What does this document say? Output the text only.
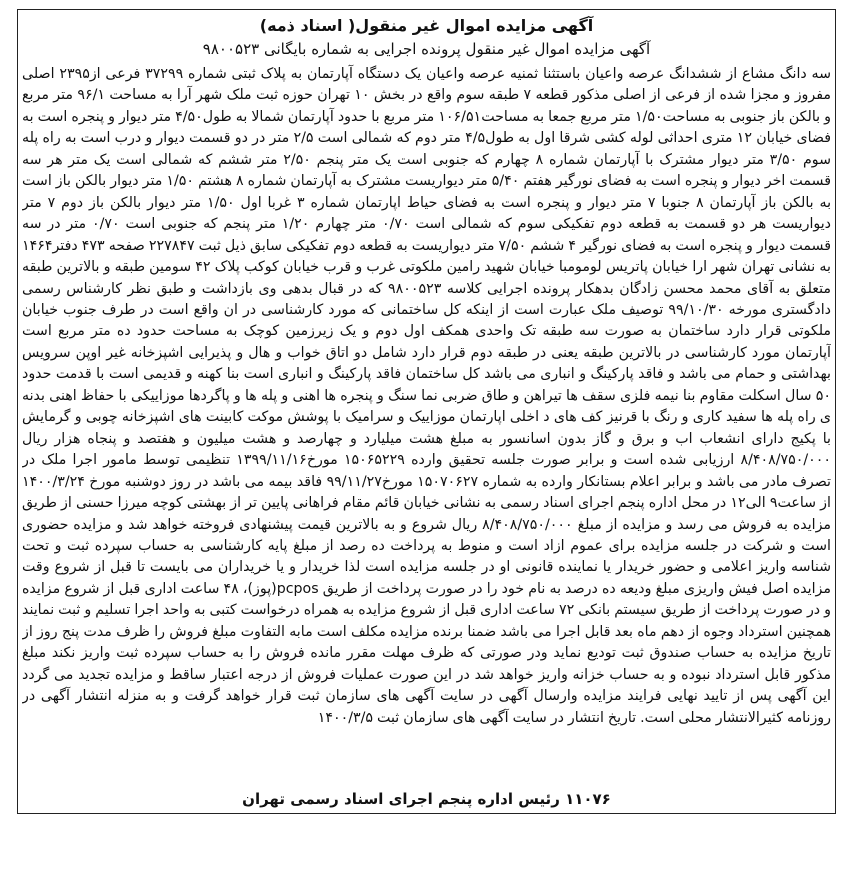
آگهی مزایده اموال غیر منقول( اسناد ذمه)
آگهی مزایده اموال غیر منقول پرونده اجرایی به شماره بایگانی ۹۸۰۰۵۲۳
سه دانگ مشاع از ششدانگ عرصه واعیان باستثنا ثمنیه عرصه واعیان یک دستگاه آپارتمان به پلاک ثبتی شماره ۳۷۲۹۹ فرعی از۲۳۹۵ اصلی مفروز و مجزا شده از فرعی از اصلی مذکور قطعه ۷ طبقه سوم واقع در بخش ۱۰ تهران حوزه ثبت ملک شهر آرا به مساحت ۹۶/۱ متر مربع و بالکن باز جنوبی به مساحت۱/۵۰ متر مربع جمعا به مساحت۱۰۶/۵۱ متر مربع با حدود آپارتمان شمالا به طول۴/۵۰ متر دیوار و پنجره است به فضای خیابان ۱۲ متری احداثی لوله کشی شرقا اول به طول۴/۵ متر دوم که شمالی است ۲/۵ متر در دو قسمت دیوار و درب است به راه پله سوم ۳/۵۰ متر دیوار مشترک با آپارتمان شماره ۸ چهارم که جنوبی است یک متر پنجم ۲/۵۰ متر ششم که شمالی است یک متر هر سه قسمت اخر دیوار و پنجره است به فضای نورگیر هفتم ۵/۴۰ متر دیواریست مشترک به آپارتمان شماره ۸ هشتم ۱/۵۰ متر دیوار بالکن باز است به بالکن باز آپارتمان ۸ جنوبا ۷ متر دیوار و پنجره است به فضای حیاط اپارتمان شماره ۳ غربا اول ۱/۵۰ متر دیوار بالکن باز دوم ۷ متر دیواریست هر دو قسمت به قطعه دوم تفکیکی سوم که شمالی است ۰/۷۰ متر چهارم ۱/۲۰ متر پنجم که جنوبی است ۰/۷۰ متر در سه قسمت دیوار و پنجره است به فضای نورگیر ۴ ششم ۷/۵۰ متر دیواریست به قطعه دوم تفکیکی سابق ذیل ثبت ۲۲۷۸۴۷ صفحه ۴۷۳ دفتر۱۴۶۴ به نشانی تهران شهر ارا خیابان پاتریس لومومبا خیابان شهید رامین ملکوتی غرب و قرب خیابان کوکب پلاک ۴۲ سومین طبقه و بالاترین طبقه متعلق به آقای محمد محسن زادگان بدهکار پرونده اجرایی کلاسه ۹۸۰۰۵۲۳ که در قبال بدهی وی بازداشت و طبق نظر کارشناس رسمی دادگستری مورخه ۹۹/۱۰/۳۰ توصیف ملک عبارت است از اینکه کل ساختمانی که مورد کارشناسی در ان واقع است در طرف جنوب خیابان ملکوتی قرار دارد ساختمان به صورت سه طبقه تک واحدی همکف اول دوم و یک زیرزمین کوچک به مساحت حدود ده متر مربع است آپارتمان مورد کارشناسی در بالاترین طبقه یعنی در طبقه دوم قرار دارد شامل دو اتاق خواب و هال و پذیرایی اشپزخانه غیر اوپن سرویس بهداشتی و حمام می باشد و فاقد پارکینگ و انباری می باشد کل ساختمان فاقد پارکینگ و انباری است بنا کهنه و قدیمی است با قدمت حدود ۵۰ سال اسکلت مقاوم بنا نیمه فلزی سقف ها تیراهن و طاق ضربی نما سنگ و پنجره ها اهنی و پله ها و پاگردها موزاییکی با حفاظ اهنی بدنه ی راه پله ها سفید کاری و رنگ با قرنیز کف های د اخلی اپارتمان موزاییک و سرامیک با پوشش موکت کابینت های اشپزخانه چوبی و گرمایش با پکیج دارای انشعاب اب و برق و گاز بدون اسانسور به مبلغ هشت میلیارد و چهارصد و هشت میلیون و هفتصد و پنجاه هزار ریال ۸/۴۰۸/۷۵۰/۰۰۰ ارزیابی شده است و برابر صورت جلسه تحقیق وارده ۱۵۰۶۵۲۲۹ مورخ۱۳۹۹/۱۱/۱۶ تنظیمی توسط مامور اجرا ملک در تصرف مادر می باشد و برابر اعلام بستانکار وارده به شماره ۱۵۰۷۰۶۲۷ مورخ۹۹/۱۱/۲۷ فاقد بیمه می باشد در روز دوشنبه مورخ ۱۴۰۰/۳/۲۴ از ساعت۹ الی۱۲ در محل اداره پنجم اجرای اسناد رسمی به نشانی خیابان قائم مقام فراهانی پایین تر از بهشتی کوچه میرزا حسنی از طریق مزایده به فروش می رسد و مزایده از مبلغ ۸/۴۰۸/۷۵۰/۰۰۰ ریال شروع و به بالاترین قیمت پیشنهادی فروخته خواهد شد و مزایده حضوری است و شرکت در جلسه مزایده برای عموم ازاد است و منوط به پرداخت ده رصد از مبلغ پایه کارشناسی به حساب سپرده ثبت و تحت شناسه واریز اعلامی و حضور خریدار یا نماینده قانونی او در جلسه مزایده است لذا خریدار و یا خریداران می بایست تا قبل از شروع وقت مزایده اصل فیش واریزی مبلغ ودیعه ده درصد به نام خود را در صورت پرداخت از طریق pcpos(پوز)، ۴۸ ساعت اداری قبل از شروع مزایده و در صورت پرداخت از طریق سیستم بانکی ۷۲ ساعت اداری قبل از شروع مزایده به همراه درخواست کتبی به واحد اجرا تسلیم و ثبت نمایند همچنین استرداد وجوه از دهم ماه بعد قابل اجرا می باشد ضمنا برنده مزایده مکلف است مابه التفاوت مبلغ فروش را ظرف مدت پنج روز از تاریخ مزایده به حساب صندوق ثبت تودیع نماید ودر صورتی که ظرف مهلت مقرر مانده فروش را به حساب سپرده ثبت واریز نکند مبلغ مذکور قابل استرداد نبوده و به حساب خزانه واریز خواهد شد در این صورت عملیات فروش از درجه اعتبار ساقط و مزایده تجدید می گردد این آگهی پس از تایید نهایی فرایند مزایده وارسال آگهی در سایت آگهی های سازمان ثبت قرار خواهد گرفت و به منزله انتشار آگهی در روزنامه کثیرالانتشار محلی است. تاریخ انتشار در سایت آگهی های سازمان ثبت ۱۴۰۰/۳/۵
۱۱۰۷۶ رئیس اداره پنجم اجرای اسناد رسمی تهران
